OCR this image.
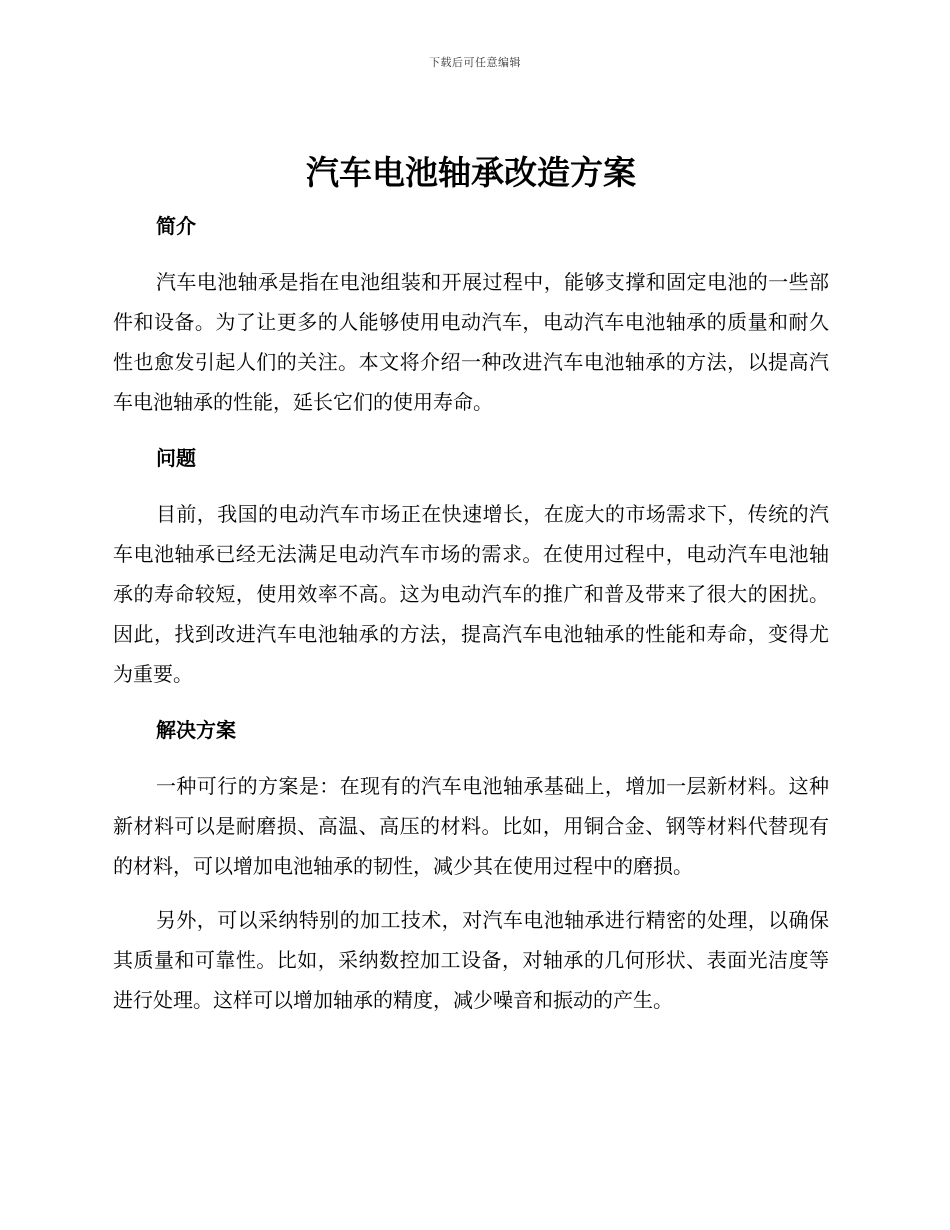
下载后可任意编辑
汽车电池轴承改造方案
简介

汽车电池轴承是指在电池组装和开展过程中，能够支撑和固定电池的一些部件和设备。为了让更多的人能够使用电动汽车，电动汽车电池轴承的质量和耐久性也愈发引起人们的关注。本文将介绍一种改进汽车电池轴承的方法，以提高汽车电池轴承的性能，延长它们的使用寿命。

问题

目前，我国的电动汽车市场正在快速增长，在庞大的市场需求下，传统的汽车电池轴承已经无法满足电动汽车市场的需求。在使用过程中，电动汽车电池轴承的寿命较短，使用效率不高。这为电动汽车的推广和普及带来了很大的困扰。因此，找到改进汽车电池轴承的方法，提高汽车电池轴承的性能和寿命，变得尤为重要。

解决方案

一种可行的方案是：在现有的汽车电池轴承基础上，增加一层新材料。这种新材料可以是耐磨损、高温、高压的材料。比如，用铜合金、钢等材料代替现有的材料，可以增加电池轴承的韧性，减少其在使用过程中的磨损。

另外，可以采纳特别的加工技术，对汽车电池轴承进行精密的处理，以确保其质量和可靠性。比如，采纳数控加工设备，对轴承的几何形状、表面光洁度等进行处理。这样可以增加轴承的精度，减少噪音和振动的产生。
